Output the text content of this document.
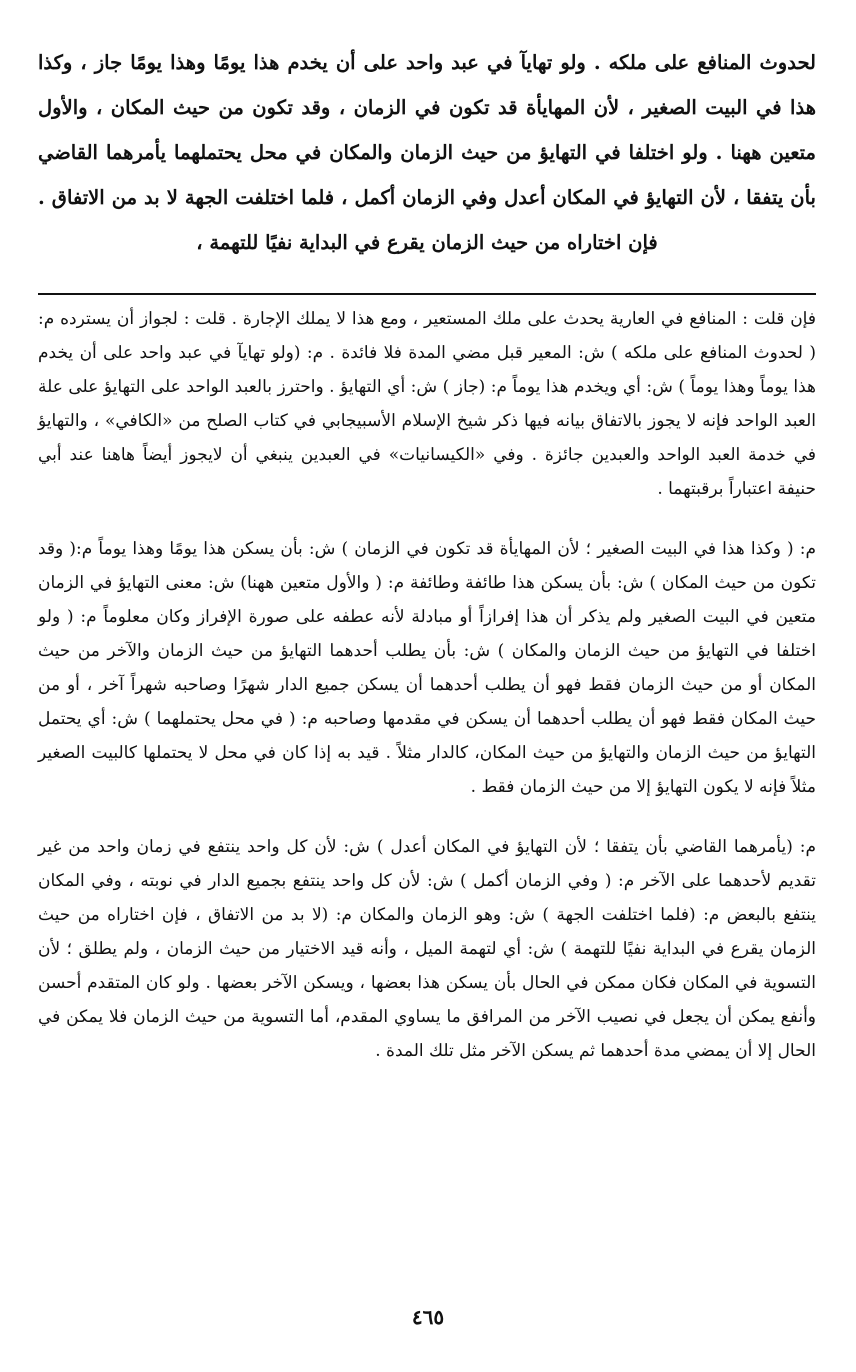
لحدوث المنافع على ملكه . ولو تهايآ في عبد واحد على أن يخدم هذا يومًا وهذا يومًا جاز ، وكذا هذا في البيت الصغير ، لأن المهايأة قد تكون في الزمان ، وقد تكون من حيث المكان ، والأول متعين ههنا . ولو اختلفا في التهايؤ من حيث الزمان والمكان في محل يحتملهما يأمرهما القاضي بأن يتفقا ، لأن التهايؤ في المكان أعدل وفي الزمان أكمل ، فلما اختلفت الجهة لا بد من الاتفاق . فإن اختاراه من حيث الزمان يقرع في البداية نفيًا للتهمة ،

فإن قلت : المنافع في العارية يحدث على ملك المستعير ، ومع هذا لا يملك الإجارة . قلت : لجواز أن يسترده م: ( لحدوث المنافع على ملكه ) ش: المعير قبل مضي المدة فلا فائدة . م: (ولو تهايآ في عبد واحد على أن يخدم هذا يوماً وهذا يوماً ) ش: أي ويخدم هذا يوماً م: (جاز ) ش: أي التهايؤ . واحترز بالعبد الواحد على التهايؤ على علة العبد الواحد فإنه لا يجوز بالاتفاق بيانه فيها ذكر شيخ الإسلام الأسبيجابي في كتاب الصلح من «الكافي» ، والتهايؤ في خدمة العبد الواحد والعبدين جائزة . وفي «الكيسانيات» في العبدين ينبغي أن لايجوز أيضاً هاهنا عند أبي حنيفة اعتباراً برقبتهما .

م: ( وكذا هذا في البيت الصغير ؛ لأن المهايأة قد تكون في الزمان ) ش: بأن يسكن هذا يومًا وهذا يوماً م:( وقد تكون من حيث المكان ) ش: بأن يسكن هذا طائفة وطائفة م: ( والأول متعين ههنا) ش: معنى التهايؤ في الزمان متعين في البيت الصغير ولم يذكر أن هذا إفرازاً أو مبادلة لأنه عطفه على صورة الإفراز وكان معلوماً م: ( ولو اختلفا في التهايؤ من حيث الزمان والمكان ) ش: بأن يطلب أحدهما التهايؤ من حيث الزمان والآخر من حيث المكان أو من حيث الزمان فقط فهو أن يطلب أحدهما أن يسكن جميع الدار شهرًا وصاحبه شهراً آخر ، أو من حيث المكان فقط فهو أن يطلب أحدهما أن يسكن في مقدمها وصاحبه م: ( في محل يحتملهما ) ش: أي يحتمل التهايؤ من حيث الزمان والتهايؤ من حيث المكان، كالدار مثلاً . قيد به إذا كان في محل لا يحتملها كالبيت الصغير مثلاً فإنه لا يكون التهايؤ إلا من حيث الزمان فقط .

م: (يأمرهما القاضي بأن يتفقا ؛ لأن التهايؤ في المكان أعدل ) ش: لأن كل واحد ينتفع في زمان واحد من غير تقديم لأحدهما على الآخر م: ( وفي الزمان أكمل ) ش: لأن كل واحد ينتفع بجميع الدار في نوبته ، وفي المكان ينتفع بالبعض م: (فلما اختلفت الجهة ) ش: وهو الزمان والمكان م: (لا بد من الاتفاق ، فإن اختاراه من حيث الزمان يقرع في البداية نفيًا للتهمة ) ش: أي لتهمة الميل ، وأنه قيد الاختيار من حيث الزمان ، ولم يطلق ؛ لأن التسوية في المكان فكان ممكن في الحال بأن يسكن هذا بعضها ، ويسكن الآخر بعضها . ولو كان المتقدم أحسن وأنفع يمكن أن يجعل في نصيب الآخر من المرافق ما يساوي المقدم، أما التسوية من حيث الزمان فلا يمكن في الحال إلا أن يمضي مدة أحدهما ثم يسكن الآخر مثل تلك المدة .

٤٦٥
